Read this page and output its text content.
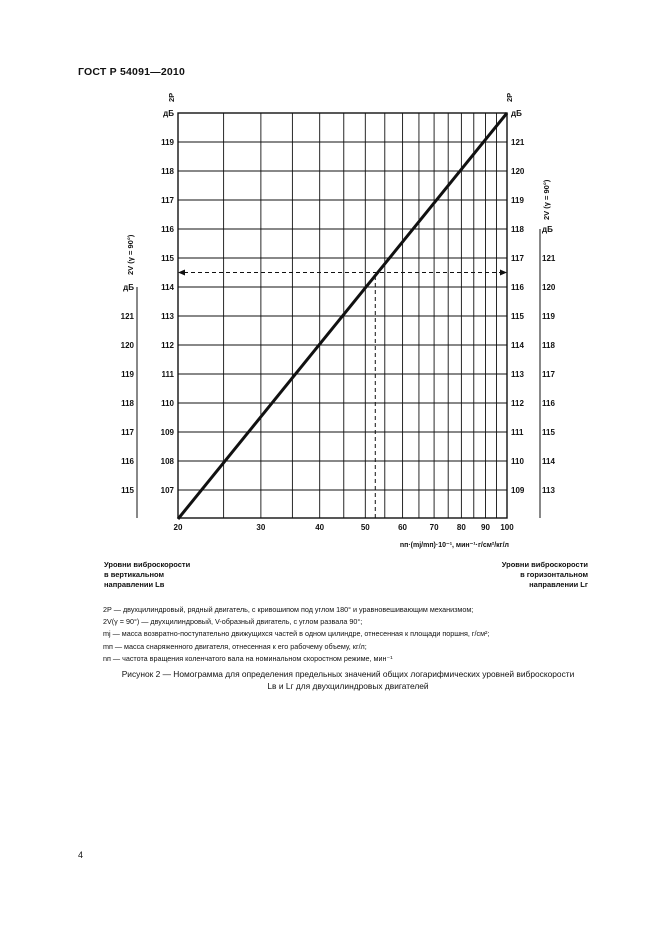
ГОСТ Р 54091—2010
дБ
119
118
117
116
115
114
113
112
111
110
109
108
107
2Р
дБ
121
120
119
118
117
116
115
2V (γ = 90°)
дБ
121
120
119
118
117
116
115
114
113
112
111
110
109
2Р
дБ
121
120
119
118
117
116
115
114
113
2V (γ = 90°)
20	30	40	50	60	70 80 90 100
nп·(mj/mп)·10⁻¹, мин⁻¹·г/см²/кг/л
Уровни виброскорости
в вертикальном
направлении Lв
Уровни виброскорости
в горизонтальном
направлении Lг
2Р — двухцилиндровый, рядный двигатель, с кривошипом под углом 180° и уравновешивающим механизмом;
2V(γ = 90°) — двухцилиндровый, V-образный двигатель, с углом развала 90°;
mj — масса возвратно-поступательно движущихся частей в одном цилиндре, отнесенная к площади поршня, г/см²;
mп — масса снаряженного двигателя, отнесенная к его рабочему объему, кг/л;
nп — частота вращения коленчатого вала на номинальном скоростном режиме, мин⁻¹
Рисунок 2 — Номограмма для определения предельных значений общих логарифмических уровней виброскорости
Lв и Lг для двухцилиндровых двигателей
4
